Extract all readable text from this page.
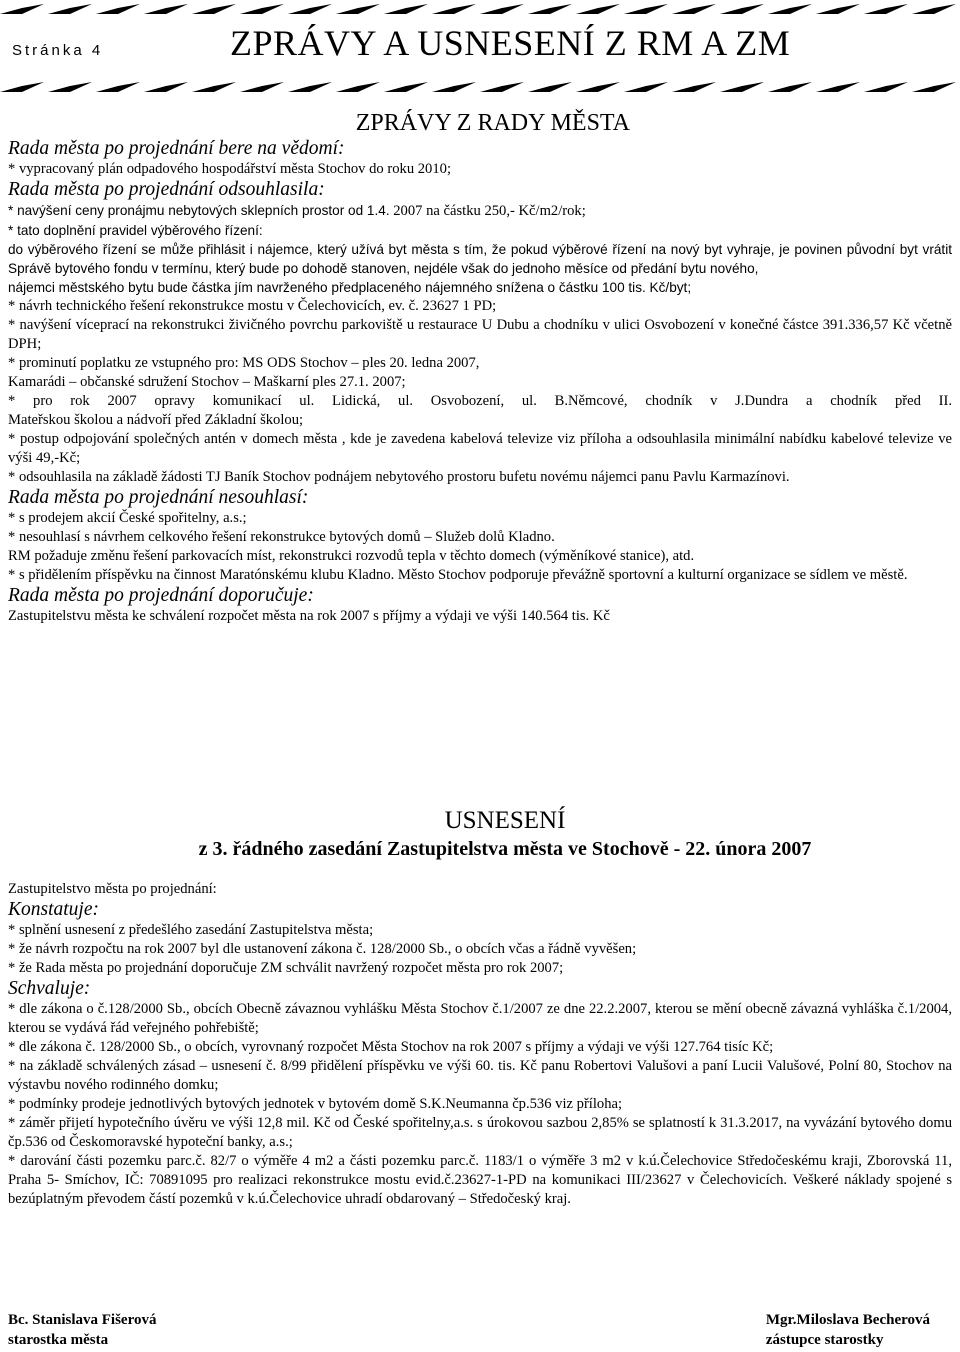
Stránka 4	ZPRÁVY A USNESENÍ Z RM A ZM

ZPRÁVY Z RADY MĚSTA

Rada města po projednání bere na vědomí:

* vypracovaný plán odpadového hospodářství města Stochov do roku 2010;

Rada města po projednání odsouhlasila:

* navýšení ceny pronájmu nebytových sklepních prostor od 1.4. 2007 na částku 250,- Kč/m2/rok;

* tato doplnění pravidel výběrového řízení:

do výběrového řízení se může přihlásit i nájemce, který užívá byt města s tím, že pokud výběrové řízení na nový byt vyhraje, je povinen původní byt vrátit Správě bytového fondu v termínu, který bude po dohodě stanoven, nejdéle však do jednoho měsíce od předání bytu nového,

nájemci městského bytu bude částka jím navrženého předplaceného nájemného snížena o částku 100 tis. Kč/byt;

* návrh technického řešení rekonstrukce mostu v Čelechovicích, ev. č. 23627 1 PD;

* navýšení víceprací na rekonstrukci živičného povrchu parkoviště u restaurace U Dubu a chodníku v ulici Osvobození v konečné částce 391.336,57 Kč včetně DPH;

* prominutí poplatku ze vstupného pro: MS ODS Stochov – ples 20. ledna 2007,

Kamarádi – občanské sdružení Stochov – Maškarní ples 27.1. 2007;

* pro rok 2007 opravy komunikací ul. Lidická, ul. Osvobození, ul. B.Němcové, chodník v J.Dundra a chodník před II.

Mateřskou školou a nádvoří před Základní školou;

* postup odpojování společných antén v domech města , kde je zavedena kabelová televize viz příloha a odsouhlasila minimální nabídku kabelové televize ve výši 49,-Kč;

* odsouhlasila na základě žádosti TJ Baník Stochov podnájem nebytového prostoru bufetu novému nájemci panu Pavlu Karmazínovi.

Rada města po projednání nesouhlasí:

* s prodejem akcií České spořitelny, a.s.;

* nesouhlasí s návrhem celkového řešení rekonstrukce bytových domů – Služeb dolů Kladno.

RM požaduje změnu řešení parkovacích míst, rekonstrukci rozvodů tepla v těchto domech (výměníkové stanice), atd.

* s přidělením příspěvku na činnost Maratónskému klubu Kladno. Město Stochov podporuje převážně sportovní a kulturní organizace se sídlem ve městě.

Rada města po projednání doporučuje:

Zastupitelstvu města ke schválení rozpočet města na rok 2007 s příjmy a výdaji ve výši 140.564 tis. Kč

USNESENÍ
z 3. řádného zasedání Zastupitelstva města ve Stochově - 22. února 2007

Zastupitelstvo města po projednání:

Konstatuje:

* splnění usnesení z předešlého zasedání Zastupitelstva města;

* že návrh rozpočtu na rok 2007 byl dle ustanovení zákona č. 128/2000 Sb., o obcích včas a řádně vyvěšen;

* že Rada města po projednání doporučuje ZM schválit navržený rozpočet města pro rok 2007;

Schvaluje:

* dle zákona o č.128/2000 Sb., obcích Obecně závaznou vyhlášku Města Stochov č.1/2007 ze dne 22.2.2007, kterou se mění obecně závazná vyhláška č.1/2004, kterou se vydává řád veřejného pohřebiště;

* dle zákona č. 128/2000 Sb., o obcích, vyrovnaný rozpočet Města Stochov na rok 2007 s příjmy a výdaji ve výši 127.764 tisíc Kč;

* na základě schválených zásad – usnesení č. 8/99 přidělení příspěvku ve výši 60. tis. Kč panu Robertovi Valušovi a paní Lucii Valušové, Polní 80, Stochov na výstavbu nového rodinného domku;

* podmínky prodeje jednotlivých bytových jednotek v bytovém domě S.K.Neumanna čp.536 viz příloha;

* záměr přijetí hypotečního úvěru ve výši 12,8 mil. Kč od České spořitelny,a.s. s úrokovou sazbou 2,85% se splatností k 31.3.2017, na vyvázání bytového domu čp.536 od Českomoravské hypoteční banky, a.s.;

* darování části pozemku parc.č. 82/7 o výměře 4 m2 a části pozemku parc.č. 1183/1 o výměře 3 m2 v k.ú.Čelechovice Středočeskému kraji, Zborovská 11, Praha 5- Smíchov, IČ: 70891095 pro realizaci rekonstrukce mostu evid.č.23627-1-PD na komunikaci III/23627 v Čelechovicích. Veškeré náklady spojené s bezúplatným převodem částí pozemků v k.ú.Čelechovice uhradí obdarovaný – Středočeský kraj.

Bc. Stanislava Fišerová
starostka města
Mgr.Miloslava Becherová
zástupce starostky
